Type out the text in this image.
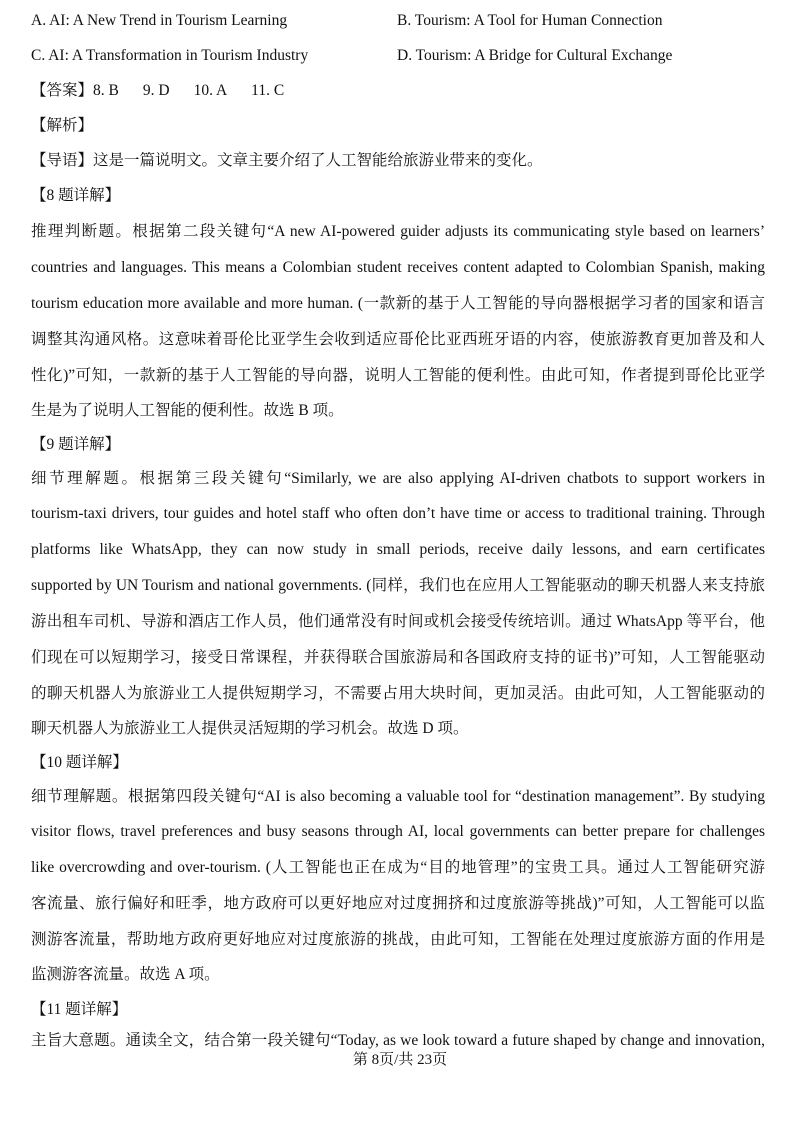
A. AI: A New Trend in Tourism Learning	B. Tourism: A Tool for Human Connection
C. AI: A Transformation in Tourism Industry	D. Tourism: A Bridge for Cultural Exchange
【答案】8. B 9. D 10. A 11. C
【解析】
【导语】这是一篇说明文。文章主要介绍了人工智能给旅游业带来的变化。
【8 题详解】
推理判断题。根据第二段关键句“A new AI-powered guider adjusts its communicating style based on learners’
countries and languages. This means a Colombian student receives content adapted to Colombian Spanish, making
tourism education more available and more human. (一款新的基于人工智能的导向器根据学习者的国家和语言
调整其沟通风格。这意味着哥伦比亚学生会收到适应哥伦比亚西班牙语的内容，使旅游教育更加普及和人
性化)”可知，一款新的基于人工智能的导向器，说明人工智能的便利性。由此可知，作者提到哥伦比亚学
生是为了说明人工智能的便利性。故选 B 项。
【9 题详解】
细节理解题。根据第三段关键句“Similarly, we are also applying AI-driven chatbots to support workers in
tourism-taxi drivers, tour guides and hotel staff who often don’t have time or access to traditional training. Through
platforms like WhatsApp, they can now study in small periods, receive daily lessons, and earn certificates
supported by UN Tourism and national governments. (同样，我们也在应用人工智能驱动的聊天机器人来支持旅
游出租车司机、导游和酒店工作人员，他们通常没有时间或机会接受传统培训。通过 WhatsApp 等平台，他
们现在可以短期学习，接受日常课程，并获得联合国旅游局和各国政府支持的证书)”可知，人工智能驱动
的聊天机器人为旅游业工人提供短期学习，不需要占用大块时间，更加灵活。由此可知，人工智能驱动的
聊天机器人为旅游业工人提供灵活短期的学习机会。故选 D 项。
【10 题详解】
细节理解题。根据第四段关键句“AI is also becoming a valuable tool for “destination management”. By studying
visitor flows, travel preferences and busy seasons through AI, local governments can better prepare for challenges
like overcrowding and over-tourism. (人工智能也正在成为“目的地管理”的宝贵工具。通过人工智能研究游
客流量、旅行偏好和旺季，地方政府可以更好地应对过度拥挤和过度旅游等挑战)”可知，人工智能可以监
测游客流量，帮助地方政府更好地应对过度旅游的挑战，由此可知，工智能在处理过度旅游方面的作用是
监测游客流量。故选 A 项。
【11 题详解】
主旨大意题。通读全文，结合第一段关键句“Today, as we look toward a future shaped by change and innovation,
第 8页/共 23页
